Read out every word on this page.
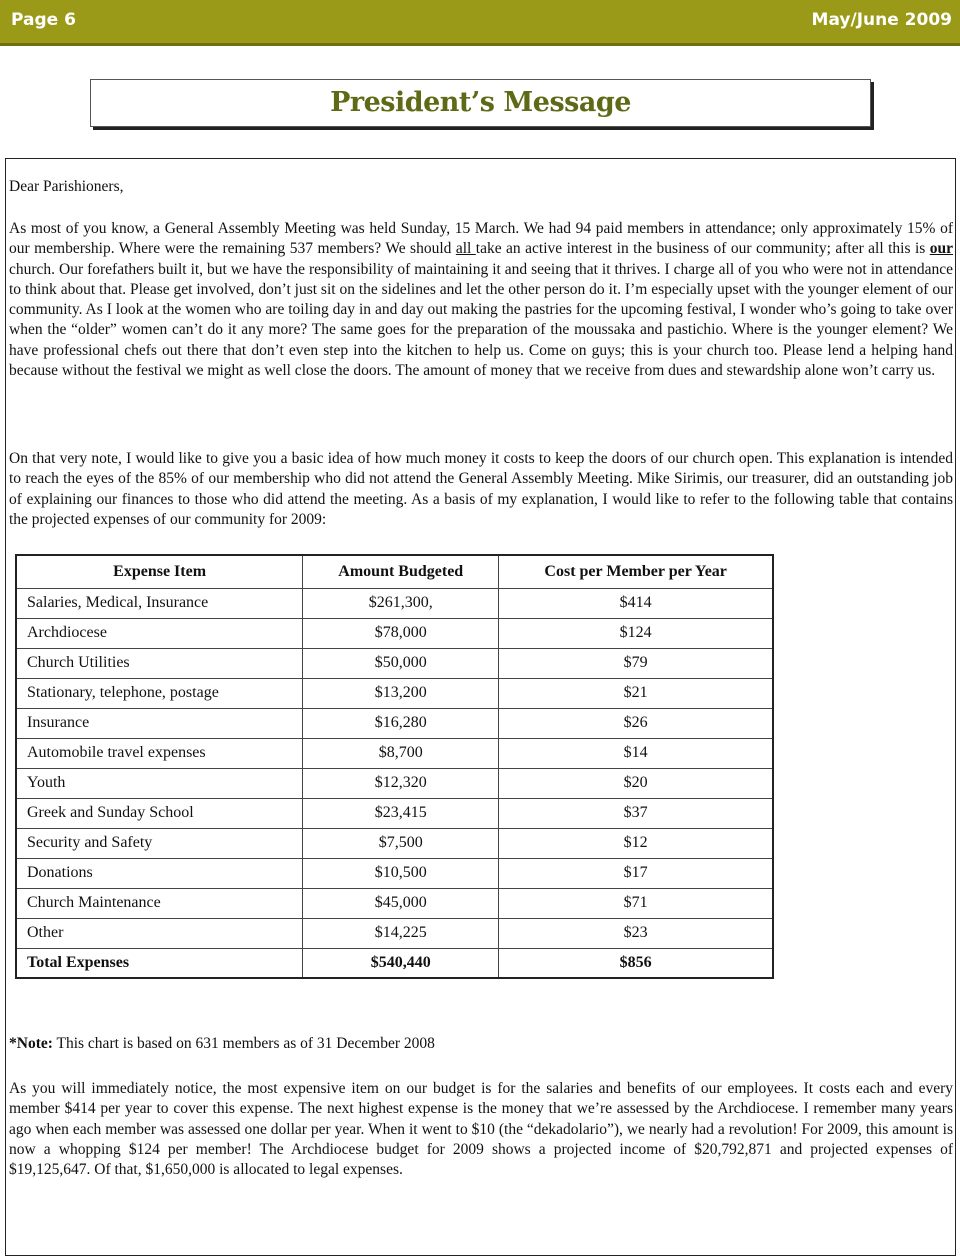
Page 6	May/June 2009
President’s Message

Dear Parishioners,

As most of you know, a General Assembly Meeting was held Sunday, 15 March. We had 94 paid members in attendance; only approximately 15% of our membership. Where were the remaining 537 members? We should all take an active interest in the business of our community; after all this is our church. Our forefathers built it, but we have the responsibility of maintaining it and seeing that it thrives. I charge all of you who were not in attendance to think about that. Please get involved, don’t just sit on the sidelines and let the other person do it. I’m especially upset with the younger element of our community. As I look at the women who are toiling day in and day out making the pastries for the upcoming festival, I wonder who’s going to take over when the “older” women can’t do it any more? The same goes for the preparation of the moussaka and pastichio. Where is the younger element? We have professional chefs out there that don’t even step into the kitchen to help us. Come on guys; this is your church too. Please lend a helping hand because without the festival we might as well close the doors. The amount of money that we receive from dues and stewardship alone won’t carry us.

On that very note, I would like to give you a basic idea of how much money it costs to keep the doors of our church open. This explanation is intended to reach the eyes of the 85% of our membership who did not attend the General Assembly Meeting. Mike Sirimis, our treasurer, did an outstanding job of explaining our finances to those who did attend the meeting. As a basis of my explanation, I would like to refer to the following table that contains the projected expenses of our community for 2009:

Expense Item	Amount Budgeted	Cost per Member per Year
Salaries, Medical, Insurance	$261,300,	$414
Archdiocese	$78,000	$124
Church Utilities	$50,000	$79
Stationary, telephone, postage	$13,200	$21
Insurance	$16,280	$26
Automobile travel expenses	$8,700	$14
Youth	$12,320	$20
Greek and Sunday School	$23,415	$37
Security and Safety	$7,500	$12
Donations	$10,500	$17
Church Maintenance	$45,000	$71
Other	$14,225	$23
Total Expenses	$540,440	$856

*Note: This chart is based on 631 members as of 31 December 2008

As you will immediately notice, the most expensive item on our budget is for the salaries and benefits of our employees. It costs each and every member $414 per year to cover this expense. The next highest expense is the money that we’re assessed by the Archdiocese. I remember many years ago when each member was assessed one dollar per year. When it went to $10 (the “dekadolario”), we nearly had a revolution! For 2009, this amount is now a whopping $124 per member! The Archdiocese budget for 2009 shows a projected income of $20,792,871 and projected expenses of $19,125,647. Of that, $1,650,000 is allocated to legal expenses.
